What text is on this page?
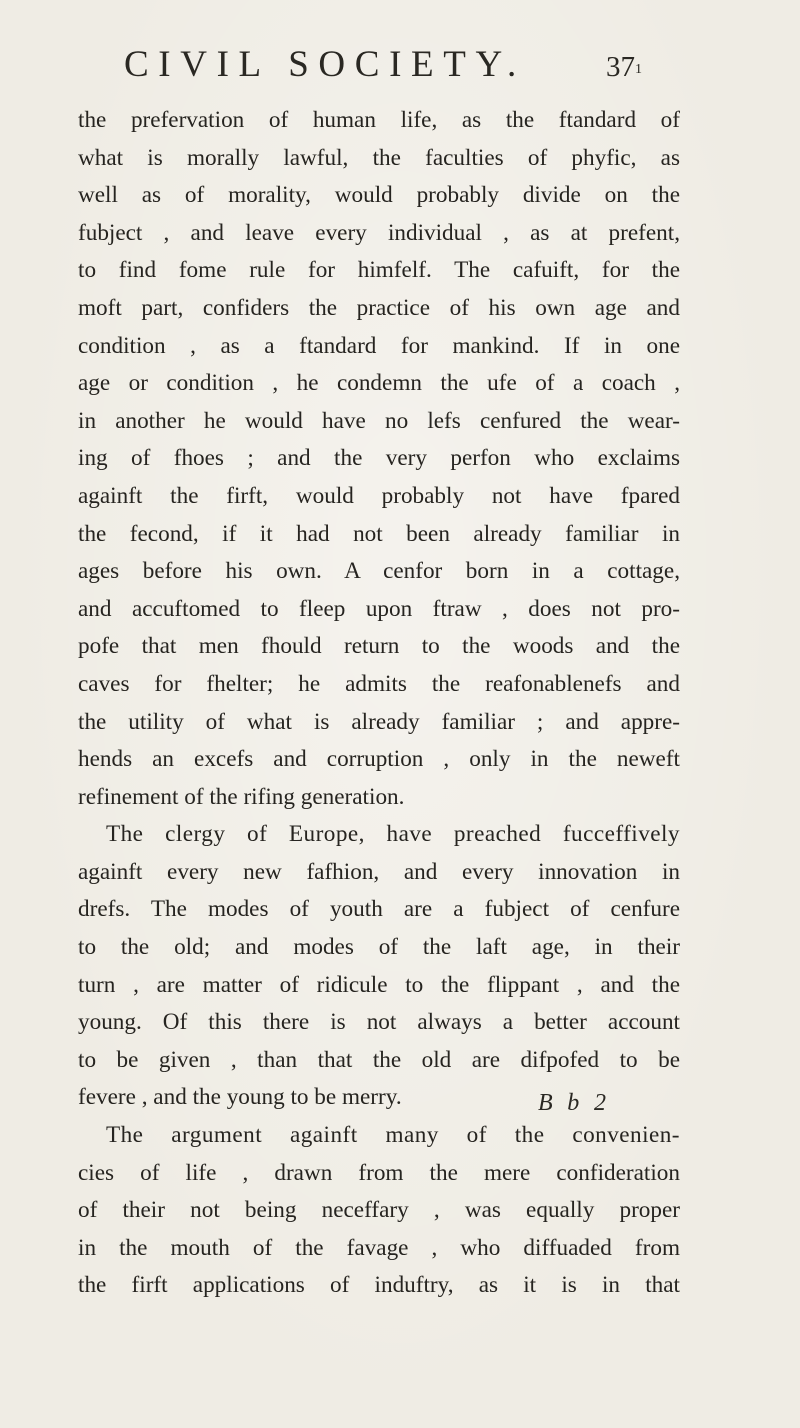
CIVIL SOCIETY.	$37^1$
the prefervation of human life, as the ftandard of
what is morally lawful, the faculties of phyfic, as
well as of morality, would probably divide on the
fubject , and leave every individual , as at prefent,
to find fome rule for himfelf. The cafuift, for the
moft part, confiders the practice of his own age and
condition , as a ftandard for mankind. If in one
age or condition , he condemn the ufe of a coach ,
in another he would have no lefs cenfured the wear-
ing of fhoes ; and the very perfon who exclaims
againft the firft, would probably not have fpared
the fecond, if it had not been already familiar in
ages before his own. A cenfor born in a cottage,
and accuftomed to fleep upon ftraw , does not pro-
pofe that men fhould return to the woods and the
caves for fhelter; he admits the reafonablenefs and
the utility of what is already familiar ; and appre-
hends an excefs and corruption , only in the neweft
refinement of the rifing generation.
The clergy of Europe, have preached fucceffively
againft every new fafhion, and every innovation in
drefs. The modes of youth are a fubject of cenfure
to the old; and modes of the laft age, in their
turn , are matter of ridicule to the flippant , and the
young. Of this there is not always a better account
to be given , than that the old are difpofed to be
fevere , and the young to be merry.
The argument againft many of the convenien-
cies of life , drawn from the mere confideration
of their not being neceffary , was equally proper
in the mouth of the favage , who diffuaded from
the firft applications of induftry, as it is in that
B b 2
